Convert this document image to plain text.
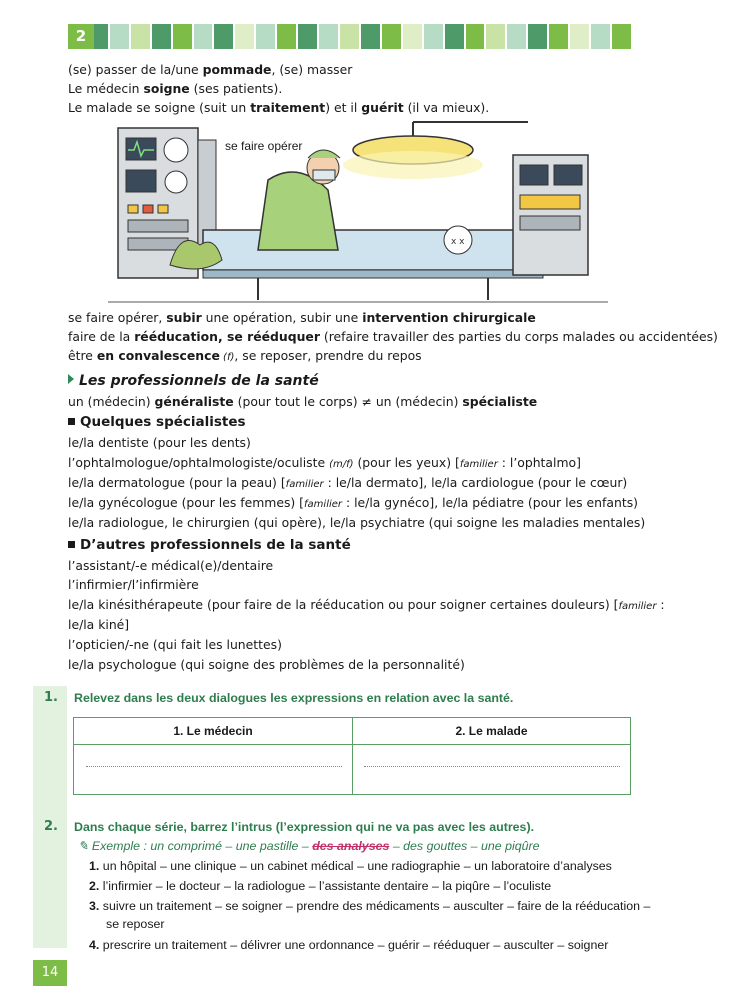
2
(se) passer de la/une pommade, (se) masser
Le médecin soigne (ses patients).
Le malade se soigne (suit un traitement) et il guérit (il va mieux).
se faire opérer
x x
se faire opérer, subir une opération, subir une intervention chirurgicale
faire de la rééducation, se rééduquer (refaire travailler des parties du corps malades ou accidentées)
être en convalescence (f), se reposer, prendre du repos
Les professionnels de la santé
un (médecin) généraliste (pour tout le corps) ≠ un (médecin) spécialiste
Quelques spécialistes
le/la dentiste (pour les dents)
l’ophtalmologue/ophtalmologiste/oculiste (m/f) (pour les yeux) [familier : l’ophtalmo]
le/la dermatologue (pour la peau) [familier : le/la dermato], le/la cardiologue (pour le cœur)
le/la gynécologue (pour les femmes) [familier : le/la gynéco], le/la pédiatre (pour les enfants)
le/la radiologue, le chirurgien (qui opère), le/la psychiatre (qui soigne les maladies mentales)
D’autres professionnels de la santé
l’assistant/-e médical(e)/dentaire
l’infirmier/l’infirmière
le/la kinésithérapeute (pour faire de la rééducation ou pour soigner certaines douleurs) [familier :
le/la kiné]
l’opticien/-ne (qui fait les lunettes)
le/la psychologue (qui soigne des problèmes de la personnalité)
1. Relevez dans les deux dialogues les expressions en relation avec la santé.
1. Le médecin	2. Le malade
2. Dans chaque série, barrez l’intrus (l’expression qui ne va pas avec les autres).
✎ Exemple : un comprimé – une pastille – des analyses – des gouttes – une piqûre
1. un hôpital – une clinique – un cabinet médical – une radiographie – un laboratoire d’analyses
2. l’infirmier – le docteur – la radiologue – l’assistante dentaire – la piqûre – l’oculiste
3. suivre un traitement – se soigner – prendre des médicaments – ausculter – faire de la rééducation –
se reposer
4. prescrire un traitement – délivrer une ordonnance – guérir – rééduquer – ausculter – soigner
14
